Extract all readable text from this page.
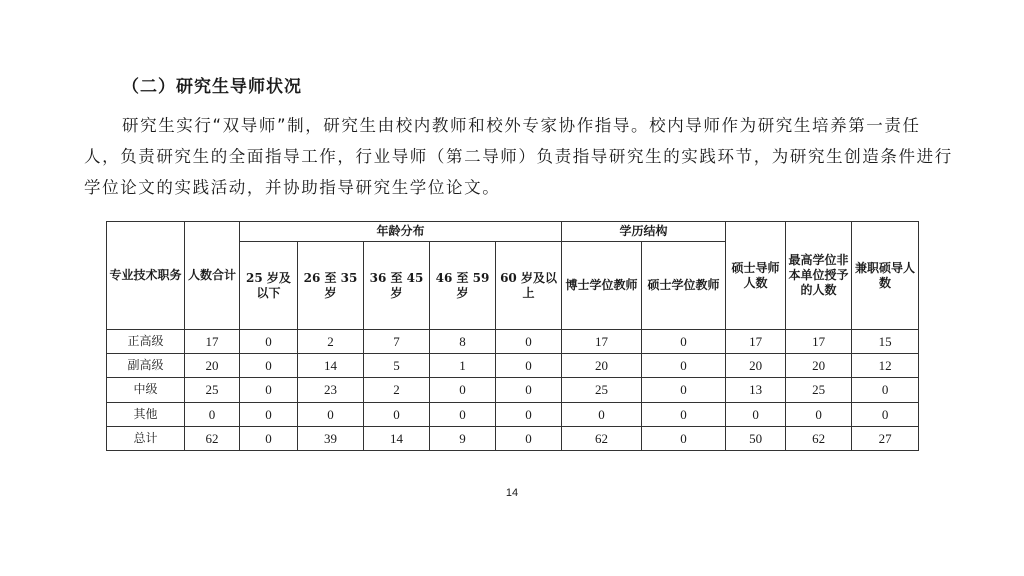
（二）研究生导师状况

研究生实行“双导师”制，研究生由校内教师和校外专家协作指导。校内导师作为研究生培养第一责任人，负责研究生的全面指导工作，行业导师（第二导师）负责指导研究生的实践环节，为研究生创造条件进行学位论文的实践活动，并协助指导研究生学位论文。

专业技术职务	人数合计	年龄分布					学历结构		硕士导师人数	最高学位非本单位授予的人数	兼职硕导人数
		25 岁及以下	26 至 35 岁	36 至 45 岁	46 至 59 岁	60 岁及以上	博士学位教师	硕士学位教师			
正高级	17	0	2	7	8	0	17	0	17	17	15
副高级	20	0	14	5	1	0	20	0	20	20	12
中级	25	0	23	2	0	0	25	0	13	25	0
其他	0	0	0	0	0	0	0	0	0	0	0
总计	62	0	39	14	9	0	62	0	50	62	27
14
